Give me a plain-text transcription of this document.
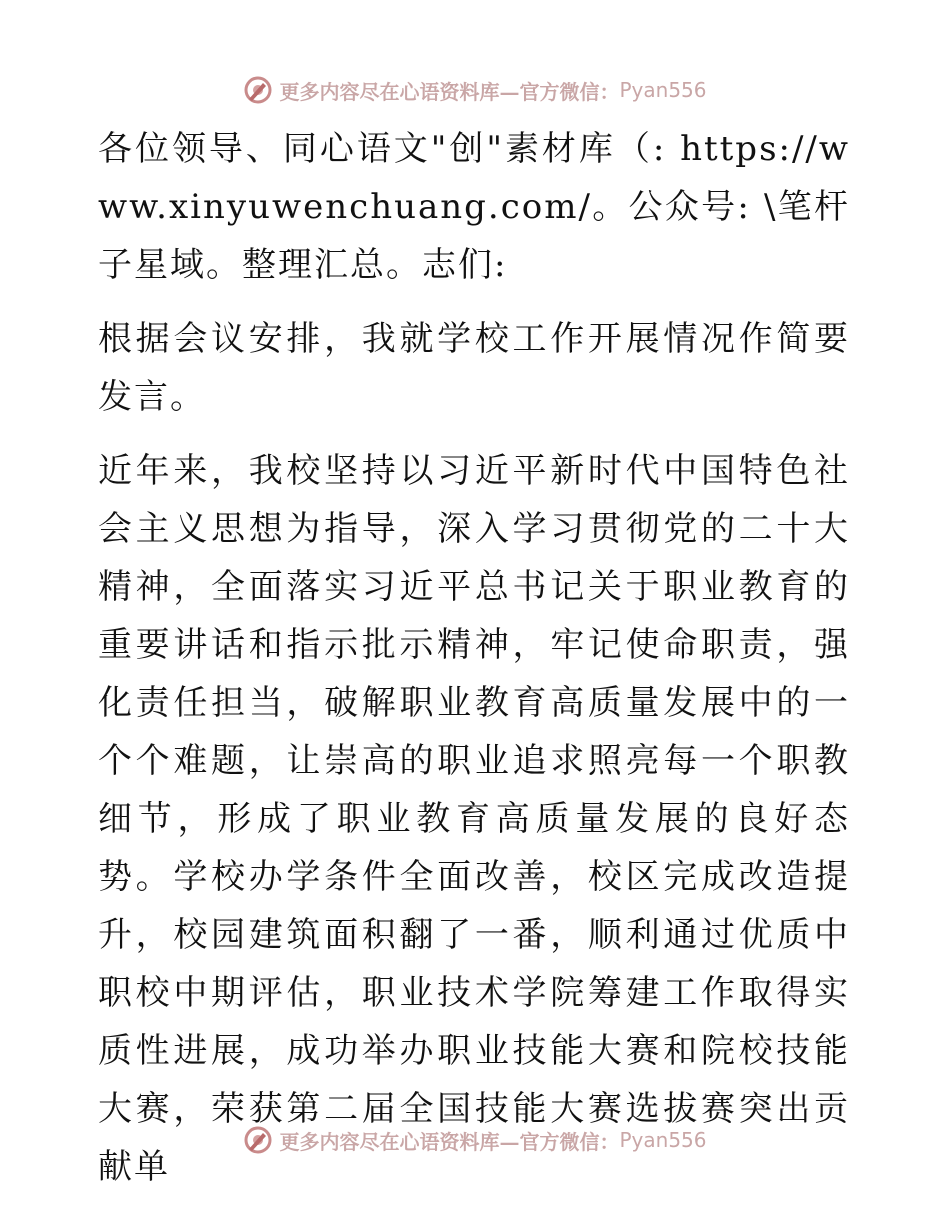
更多内容尽在心语资料库—官方微信： Pyan556

各位领导、同心语文"创"素材库（: https://www.xinyuwenchuang.com/。公众号: \笔杆子星域。整理汇总。志们:

根据会议安排，我就学校工作开展情况作简要发言。

近年来，我校坚持以习近平新时代中国特色社会主义思想为指导，深入学习贯彻党的二十大精神，全面落实习近平总书记关于职业教育的重要讲话和指示批示精神，牢记使命职责，强化责任担当，破解职业教育高质量发展中的一个个难题，让崇高的职业追求照亮每一个职教细节，形成了职业教育高质量发展的良好态势。学校办学条件全面改善，校区完成改造提升，校园建筑面积翻了一番，顺利通过优质中职校中期评估，职业技术学院筹建工作取得实质性进展，成功举办职业技能大赛和院校技能大赛，荣获第二届全国技能大赛选拔赛突出贡献单

更多内容尽在心语资料库—官方微信： Pyan556
